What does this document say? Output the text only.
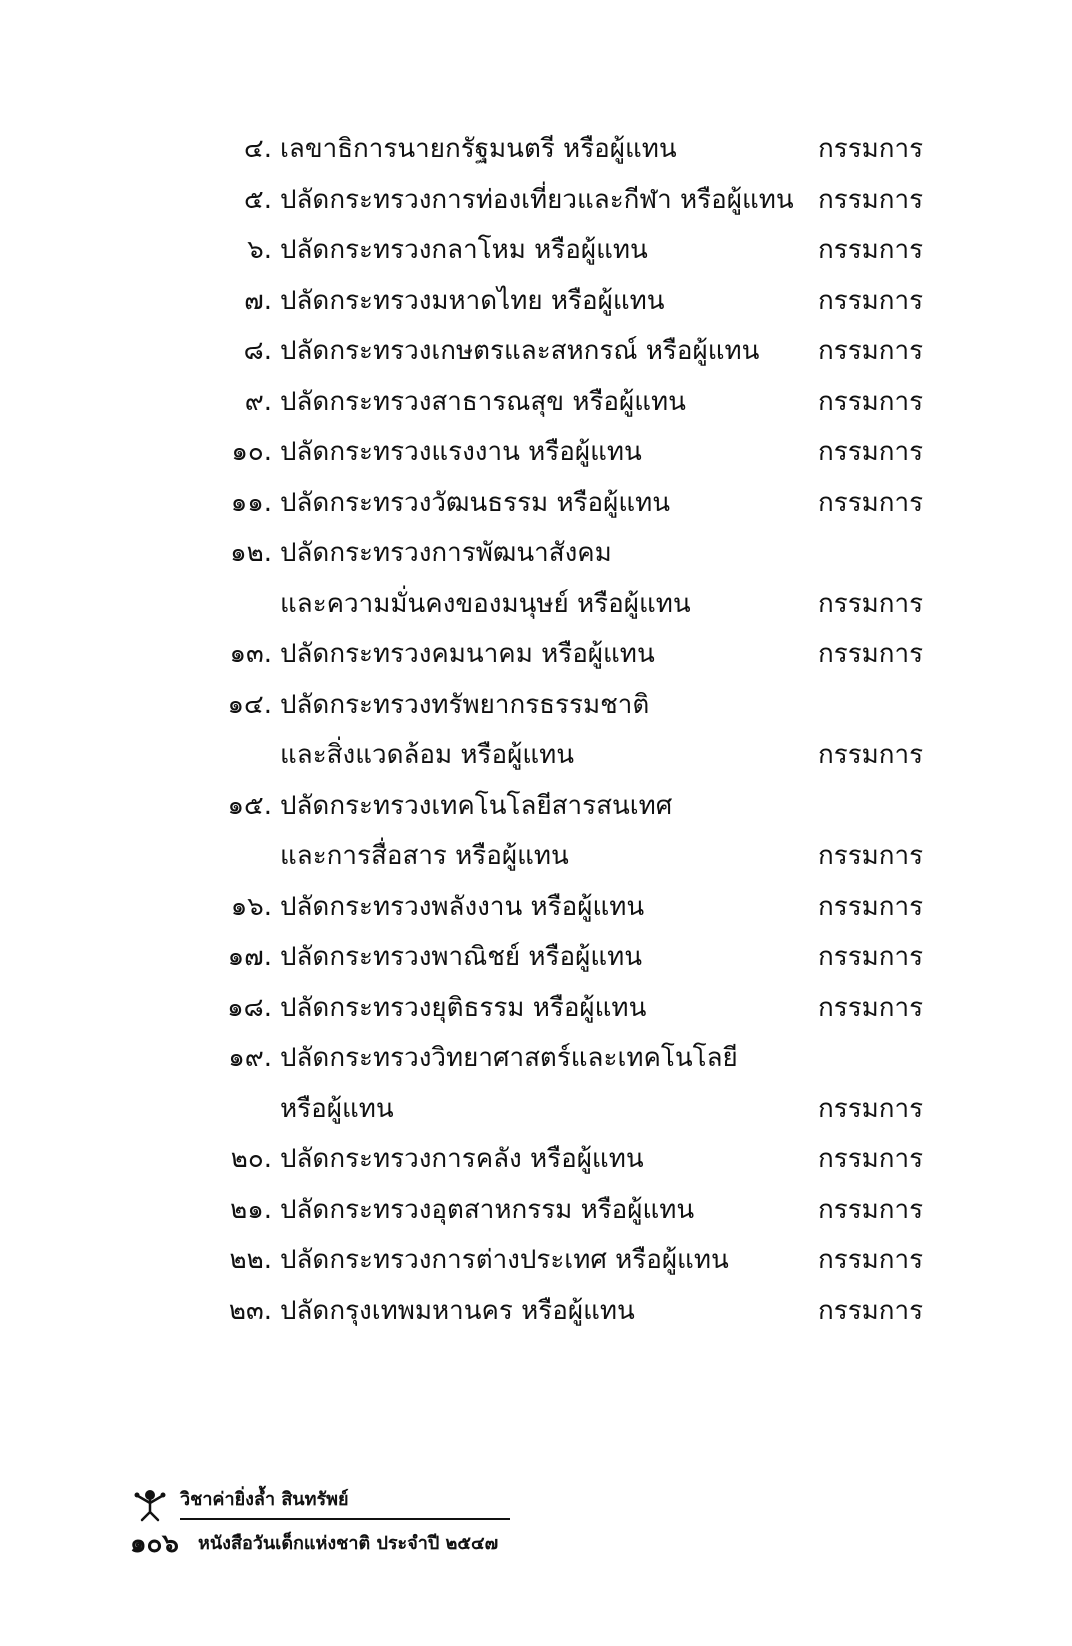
๔. เลขาธิการนายกรัฐมนตรี หรือผู้แทน	กรรมการ
๕. ปลัดกระทรวงการท่องเที่ยวและกีฬา หรือผู้แทน กรรมการ
๖. ปลัดกระทรวงกลาโหม หรือผู้แทน	กรรมการ
๗. ปลัดกระทรวงมหาดไทย หรือผู้แทน	กรรมการ
๘. ปลัดกระทรวงเกษตรและสหกรณ์ หรือผู้แทน กรรมการ
๙. ปลัดกระทรวงสาธารณสุข หรือผู้แทน	กรรมการ
๑๐. ปลัดกระทรวงแรงงาน หรือผู้แทน	กรรมการ
๑๑. ปลัดกระทรวงวัฒนธรรม หรือผู้แทน	กรรมการ
๑๒. ปลัดกระทรวงการพัฒนาสังคม
และความมั่นคงของมนุษย์ หรือผู้แทน	กรรมการ
๑๓. ปลัดกระทรวงคมนาคม หรือผู้แทน	กรรมการ
๑๔. ปลัดกระทรวงทรัพยากรธรรมชาติ
และสิ่งแวดล้อม หรือผู้แทน	กรรมการ
๑๕. ปลัดกระทรวงเทคโนโลยีสารสนเทศ
และการสื่อสาร หรือผู้แทน	กรรมการ
๑๖. ปลัดกระทรวงพลังงาน หรือผู้แทน	กรรมการ
๑๗. ปลัดกระทรวงพาณิชย์ หรือผู้แทน	กรรมการ
๑๘. ปลัดกระทรวงยุติธรรม หรือผู้แทน	กรรมการ
๑๙. ปลัดกระทรวงวิทยาศาสตร์และเทคโนโลยี
หรือผู้แทน	กรรมการ
๒๐. ปลัดกระทรวงการคลัง หรือผู้แทน	กรรมการ
๒๑. ปลัดกระทรวงอุตสาหกรรม หรือผู้แทน	กรรมการ
๒๒. ปลัดกระทรวงการต่างประเทศ หรือผู้แทน	กรรมการ
๒๓. ปลัดกรุงเทพมหานคร หรือผู้แทน	กรรมการ
วิชาค่ายิ่งล้ำ สินทรัพย์
๑๐๖ หนังสือวันเด็กแห่งชาติ ประจำปี ๒๕๔๗
